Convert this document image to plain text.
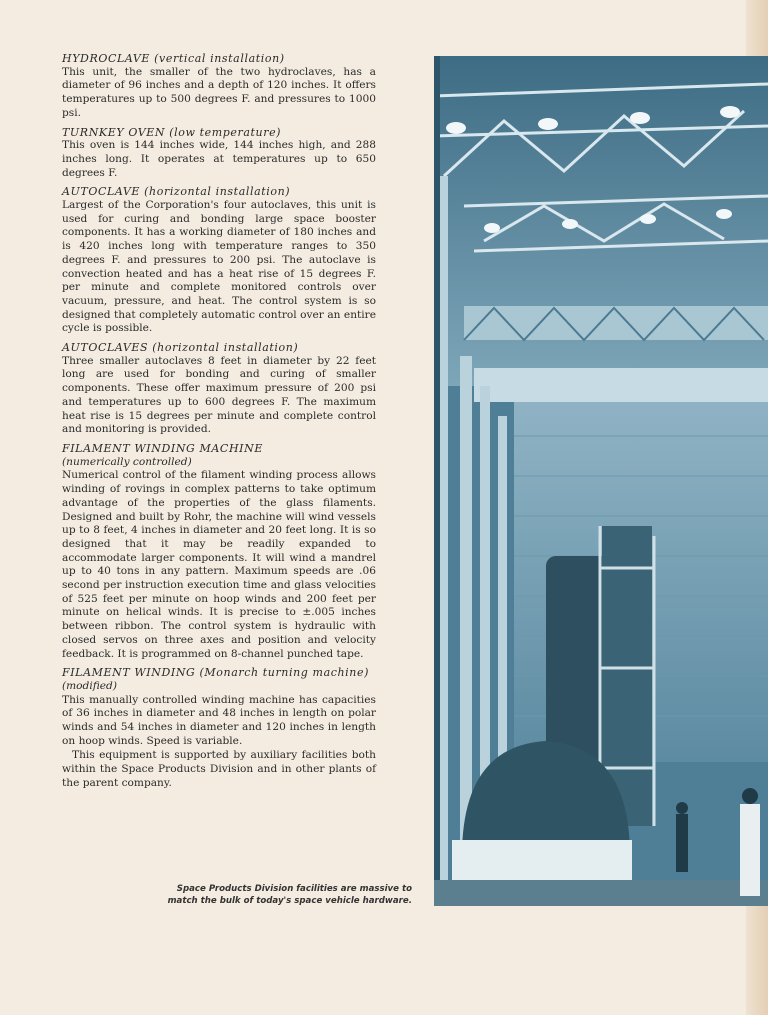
HYDROCLAVE (vertical installation)
This unit, the smaller of the two hydroclaves, has a diameter of 96 inches and a depth of 120 inches. It offers temperatures up to 500 degrees F. and pressures to 1000 psi.
TURNKEY OVEN (low temperature)
This oven is 144 inches wide, 144 inches high, and 288 inches long. It operates at temperatures up to 650 degrees F.
AUTOCLAVE (horizontal installation)
Largest of the Corporation's four autoclaves, this unit is used for curing and bonding large space booster components. It has a working diameter of 180 inches and is 420 inches long with temperature ranges to 350 degrees F. and pressures to 200 psi. The autoclave is convection heated and has a heat rise of 15 degrees F. per minute and complete monitored controls over vacuum, pressure, and heat. The control system is so designed that completely automatic control over an entire cycle is possible.
AUTOCLAVES (horizontal installation)
Three smaller autoclaves 8 feet in diameter by 22 feet long are used for bonding and curing of smaller components. These offer maximum pressure of 200 psi and temperatures up to 600 degrees F. The maximum heat rise is 15 degrees per minute and complete control and monitoring is provided.
FILAMENT WINDING MACHINE
(numerically controlled)
Numerical control of the filament winding process allows winding of rovings in complex patterns to take optimum advantage of the properties of the glass filaments. Designed and built by Rohr, the machine will wind vessels up to 8 feet, 4 inches in diameter and 20 feet long. It is so designed that it may be readily expanded to accommodate larger components. It will wind a mandrel up to 40 tons in any pattern. Maximum speeds are .06 second per instruction execution time and glass velocities of 525 feet per minute on hoop winds and 200 feet per minute on helical winds. It is precise to ±.005 inches between ribbon. The control system is hydraulic with closed servos on three axes and position and velocity feedback. It is programmed on 8-channel punched tape.
FILAMENT WINDING (Monarch turning machine)
(modified)
This manually controlled winding machine has capacities of 36 inches in diameter and 48 inches in length on polar winds and 54 inches in diameter and 120 inches in length on hoop winds. Speed is variable.
This equipment is supported by auxiliary facilities both within the Space Products Division and in other plants of the parent company.
Space Products Division facilities are massive to match the bulk of today's space vehicle hardware.
